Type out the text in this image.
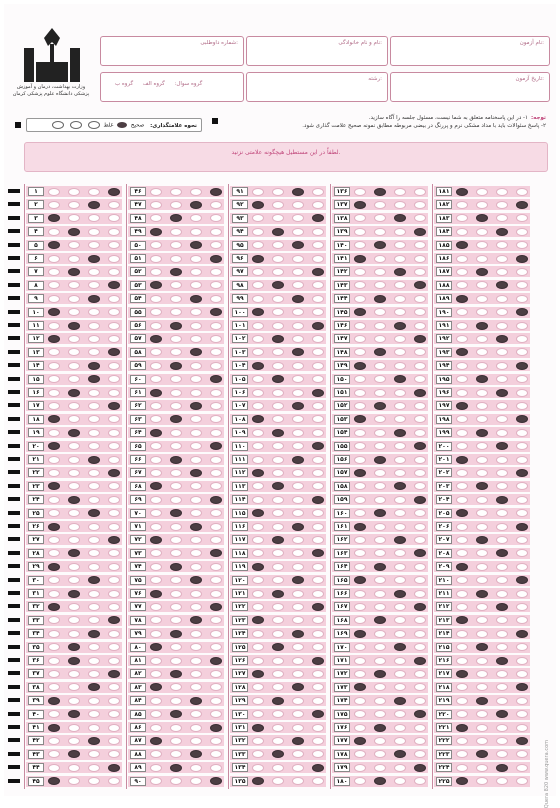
وزارت بهداشت، درمان و آموزش پزشکی دانشگاه علوم پزشکی کرمان
نام آزمون:
نام و نام خانوادگی:
شماره داوطلبی:
تاریخ آزمون:
رشته:
گروه سوال: گروه الف گروه ب
نحوه علامتگذاری: صحیح  غلط
توجه:۱- در این پاسخنامه متعلق به شما نیست، مسئول جلسه را آگاه سازید.
۲- پاسخ سئوالات باید با مداد مشکی نرم و پررنگ در بیضی مربوطه مطابق نمونه صحیح علامت گذاری شود.
لطفاً در این مستطیل هیچگونه علامتی نزنید.
۱
۲
۳
۴
۵
۶
۷
۸
۹
۱۰
۱۱
۱۲
۱۳
۱۴
۱۵
۱۶
۱۷
۱۸
۱۹
۲۰
۲۱
۲۲
۲۳
۲۴
۲۵
۲۶
۲۷
۲۸
۲۹
۳۰
۳۱
۳۲
۳۳
۳۴
۳۵
۳۶
۳۷
۳۸
۳۹
۴۰
۴۱
۴۲
۴۳
۴۴
۴۵
۴۶
۴۷
۴۸
۴۹
۵۰
۵۱
۵۲
۵۳
۵۴
۵۵
۵۶
۵۷
۵۸
۵۹
۶۰
۶۱
۶۲
۶۳
۶۴
۶۵
۶۶
۶۷
۶۸
۶۹
۷۰
۷۱
۷۲
۷۳
۷۴
۷۵
۷۶
۷۷
۷۸
۷۹
۸۰
۸۱
۸۲
۸۳
۸۴
۸۵
۸۶
۸۷
۸۸
۸۹
۹۰
۹۱
۹۲
۹۳
۹۴
۹۵
۹۶
۹۷
۹۸
۹۹
۱۰۰
۱۰۱
۱۰۲
۱۰۳
۱۰۴
۱۰۵
۱۰۶
۱۰۷
۱۰۸
۱۰۹
۱۱۰
۱۱۱
۱۱۲
۱۱۳
۱۱۴
۱۱۵
۱۱۶
۱۱۷
۱۱۸
۱۱۹
۱۲۰
۱۲۱
۱۲۲
۱۲۳
۱۲۴
۱۲۵
۱۲۶
۱۲۷
۱۲۸
۱۲۹
۱۳۰
۱۳۱
۱۳۲
۱۳۳
۱۳۴
۱۳۵
۱۳۶
۱۳۷
۱۳۸
۱۳۹
۱۴۰
۱۴۱
۱۴۲
۱۴۳
۱۴۴
۱۴۵
۱۴۶
۱۴۷
۱۴۸
۱۴۹
۱۵۰
۱۵۱
۱۵۲
۱۵۳
۱۵۴
۱۵۵
۱۵۶
۱۵۷
۱۵۸
۱۵۹
۱۶۰
۱۶۱
۱۶۲
۱۶۳
۱۶۴
۱۶۵
۱۶۶
۱۶۷
۱۶۸
۱۶۹
۱۷۰
۱۷۱
۱۷۲
۱۷۳
۱۷۴
۱۷۵
۱۷۶
۱۷۷
۱۷۸
۱۷۹
۱۸۰
۱۸۱
۱۸۲
۱۸۳
۱۸۴
۱۸۵
۱۸۶
۱۸۷
۱۸۸
۱۸۹
۱۹۰
۱۹۱
۱۹۲
۱۹۳
۱۹۴
۱۹۵
۱۹۶
۱۹۷
۱۹۸
۱۹۹
۲۰۰
۲۰۱
۲۰۲
۲۰۳
۲۰۴
۲۰۵
۲۰۶
۲۰۷
۲۰۸
۲۰۹
۲۱۰
۲۱۱
۲۱۲
۲۱۳
۲۱۴
۲۱۵
۲۱۶
۲۱۷
۲۱۸
۲۱۹
۲۲۰
۲۲۱
۲۲۲
۲۲۳
۲۲۴
۲۲۵	Quera 820 www.quera.com
